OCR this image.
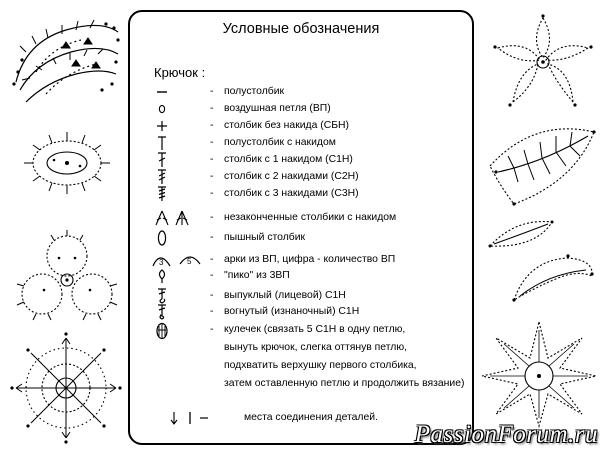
Условные обозначения
Крючок :
- полустолбик
- воздушная петля (ВП)
- столбик без накида (СБН)
- полустолбик с накидом
- столбик с 1 накидом (С1Н)
- столбик с 2 накидами (С2Н)
- столбик с 3 накидами (С3Н)
- незаконченные столбики с накидом
- пышный столбик
3	5 - арки из ВП, цифра - количество ВП
- "пико" из 3ВП
- выпуклый (лицевой) С1Н
- вогнутый (изнаночный) С1Н
- кулечек (связать 5 С1Н в одну петлю,
вынуть крючок, слегка оттянув петлю,
подхватить верхушку первого столбика,
затем оставленную петлю и продолжить вязание)
места соединения деталей.
PassionForum.ru
